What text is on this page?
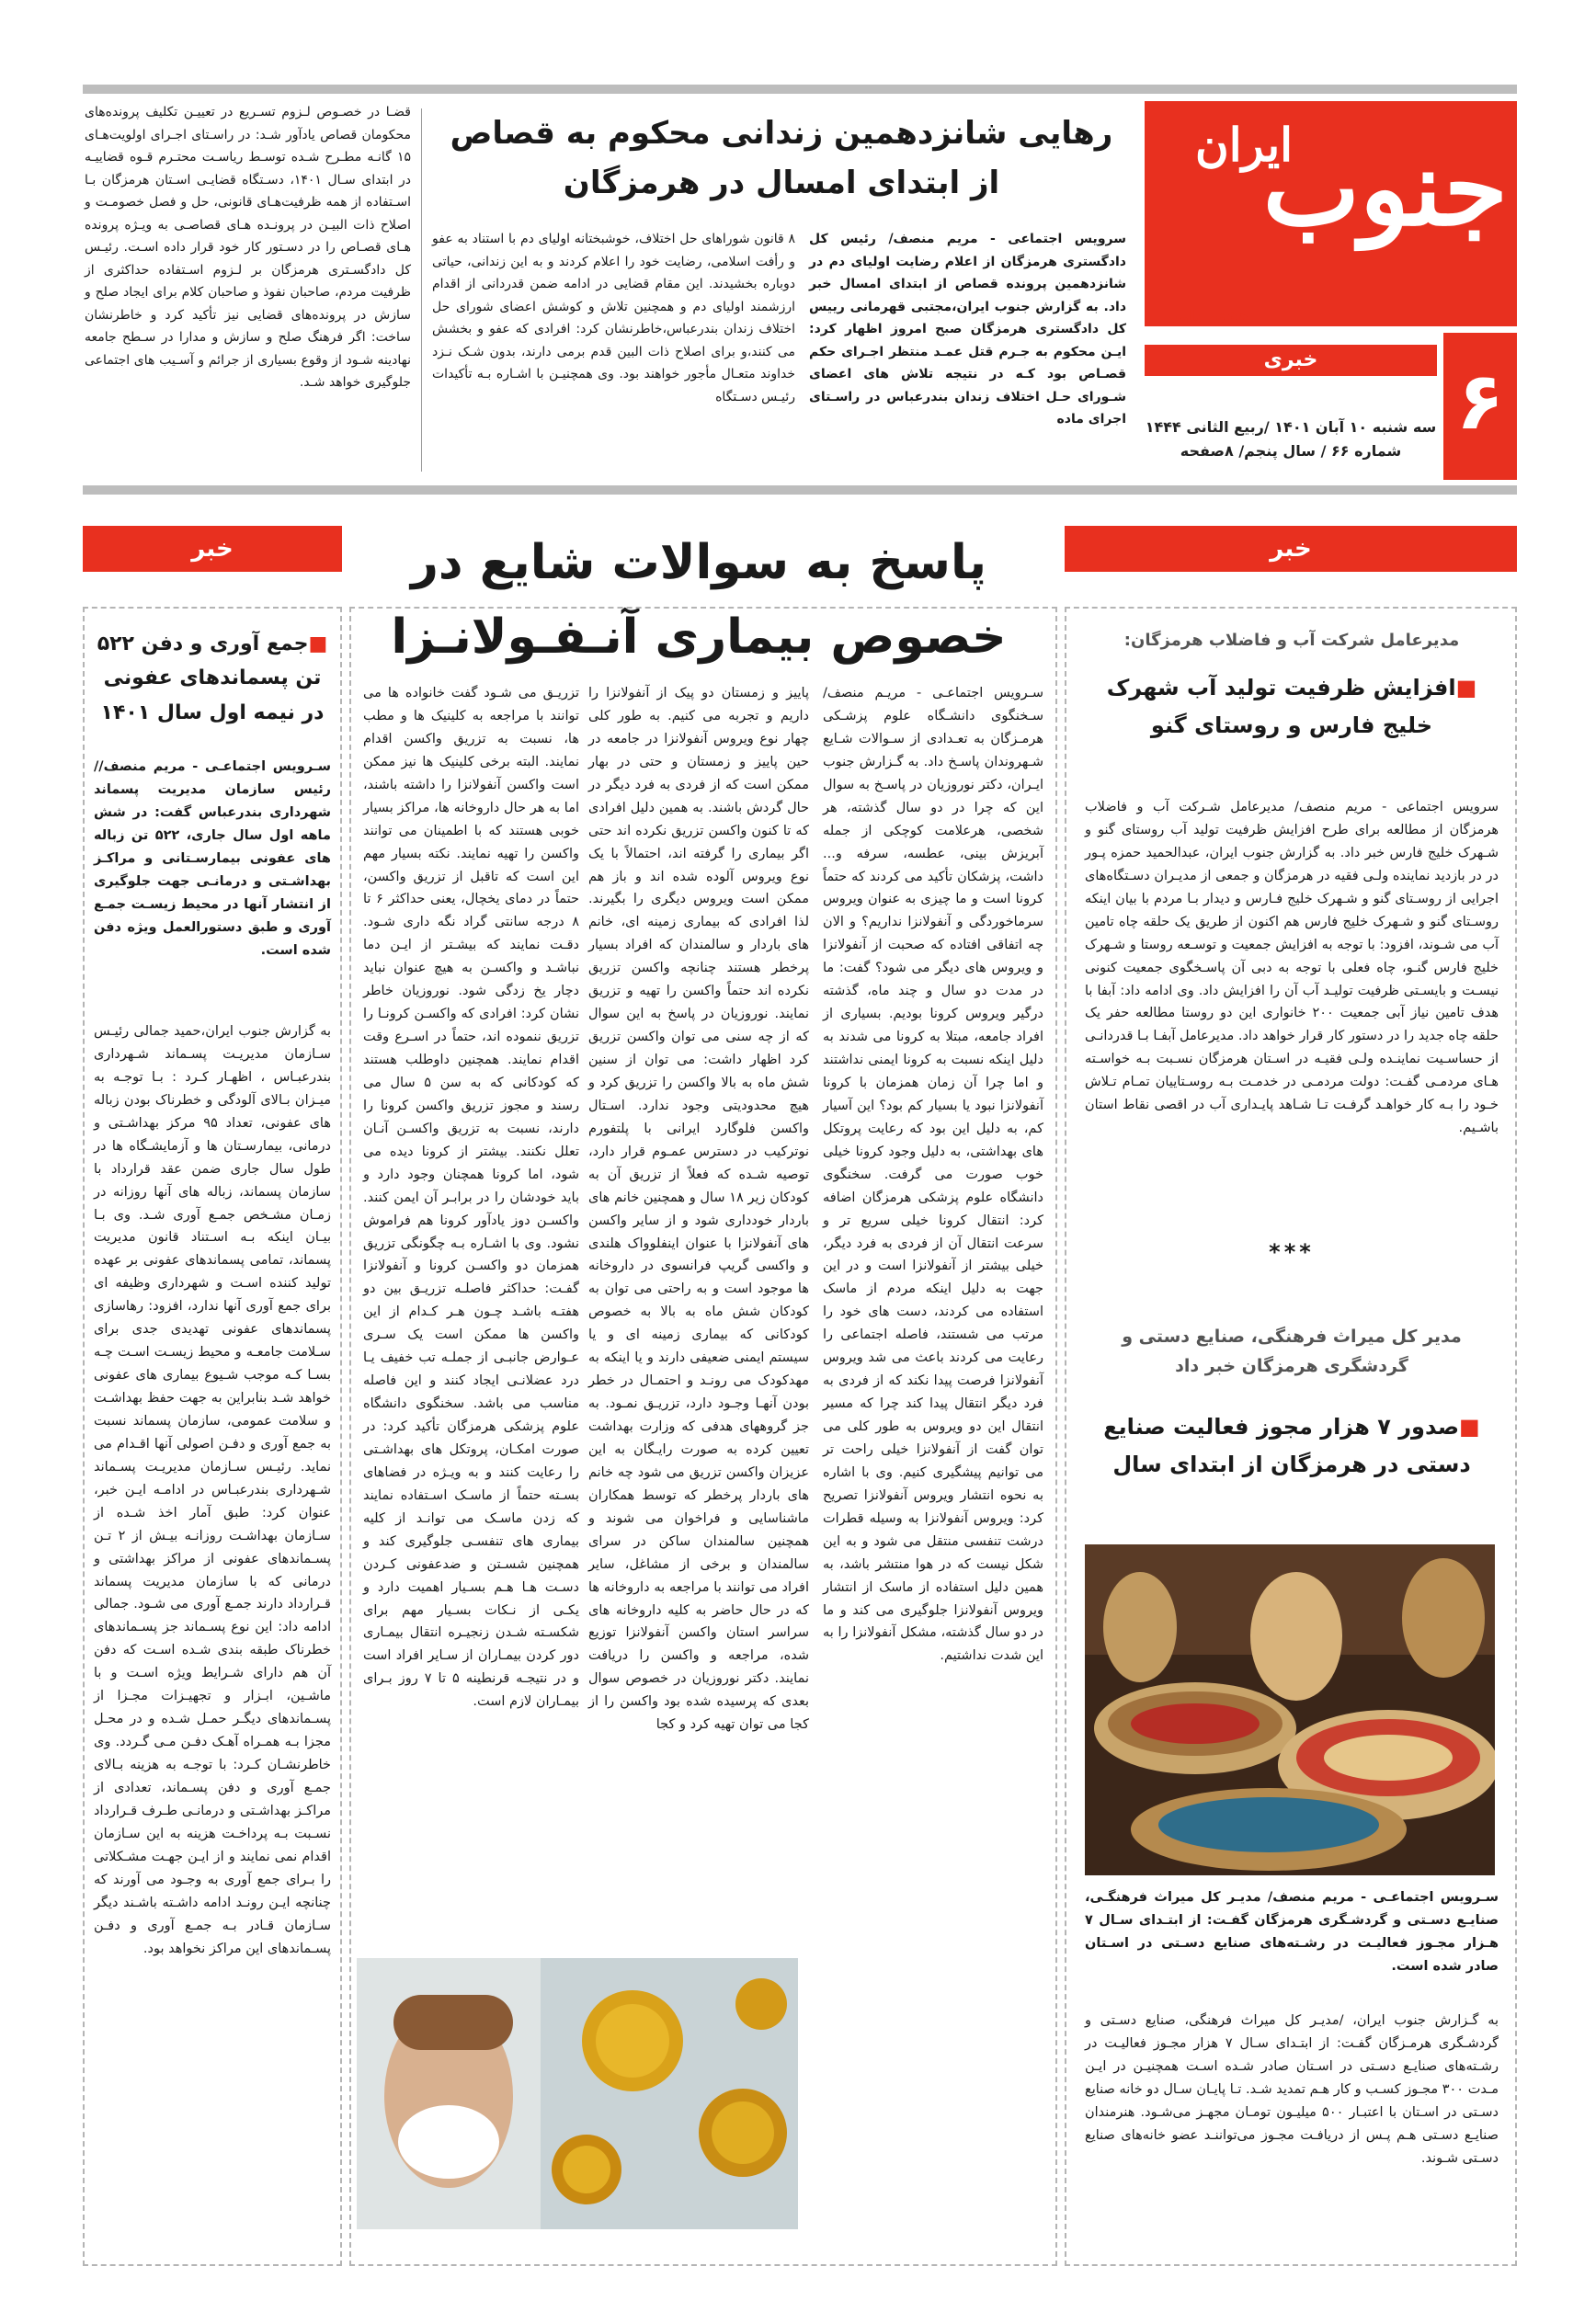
جنوب
ایران
هفته نامه
خبری	۶
سه شنبه ۱۰ آبان ۱۴۰۱ /ربیع الثانی ۱۴۴۴
شماره ۶۶ / سال پنجم/ ۸صفحه
رهایی شانزدهمین زندانی محکوم به قصاص از ابتدای امسال در هرمزگان
سرویس اجتماعی - مریم منصف/ رئیس کل دادگستری هرمزگان از اعلام رضایت اولیای دم در شانزدهمین پرونده قصاص از ابتدای امسال خبر داد. به گزارش جنوب ایران،مجتبی قهرمانی رییس کل دادگستری هرمزگان صبح امروز اظهار کرد: ایـن محکوم به جـرم قتل عمـد منتظر اجـرای حکم قصـاص بود کـه در نتیجه تلاش های اعضای شـورای حـل اختلاف زندان بندرعباس در راسـتای اجرای ماده
۸ قانون شوراهای حل اختلاف، خوشبختانه اولیای دم با استناد به عفو و رأفت اسلامی، رضایت خود را اعلام کردند و به این زندانی، حیاتی دوباره بخشیدند. این مقام قضایی در ادامه ضمن قدردانی از اقدام ارزشمند اولیای دم و همچنین تلاش و کوشش اعضای شورای حل اختلاف زندان بندرعباس،خاطرنشان کرد: افرادی که عفو و بخشش می کنند،و برای اصلاح ذات البین قدم برمی دارند، بدون شـک نـزد خداوند متعـال مأجور خواهند بود. وی همچنیـن با اشـاره بـه تأکیدات رئیـس دسـتگاه
قضـا در خصـوص لـزوم تسـریع در تعییـن تکلیف پرونده‌های محکومان قصاص یادآور شـد: در راسـتای اجـرای اولویت‌هـای ۱۵ گانـه مطـرح شـده توسـط ریاسـت محتـرم قـوه قضاییـه در ابتدای سـال ۱۴۰۱، دسـتگاه قضایـی اسـتان هرمزگان بـا اسـتفاده از همه ظرفیت‌هـای قانونی، حل و فصل خصومـت و اصلاح ذات البیـن در پرونـده هـای قصاصـی به ویـژه پرونده هـای قصـاص را در دسـتور کار خود قرار داده اسـت. رئیـس کل دادگسـتری هرمزگان بر لـزوم اسـتفاده حداکثری از ظرفیت مردم، صاحبان نفوذ و صاحبان کلام برای ایجاد صلح و سازش در پرونده‌های قضایی نیز تأکید کرد و خاطرنشان ساخت: اگر فرهنگ صلح و سازش و مدارا در سـطح جامعه نهادینه شـود از وقوع بسیاری از جرائم و آسـیب های اجتماعی جلوگیری خواهد شـد.
خبر
خبر	پاسخ به سوالات شایع در خصوص بیماری آنـفـولانـزا	مدیرعامل شرکت آب و فاضلاب هرمزگان:
■افزایش ظرفیت تولید آب شهرک خلیج فارس و روستای گنو
سرویس اجتماعی - مریم منصف/ مدیرعامل شـرکت آب و فاضلاب هرمزگان از مطالعه برای طرح افزایش ظرفیت تولید آب روستای گنو و شـهرک خلیج فارس خبر داد. به گزارش جنوب ایران، عبدالحمید حمزه پـور در در بازدید نماینده ولـی فقیه در هرمزگان و جمعی از مدیـران دسـتگاه‌های اجرایی از روسـتای گنو و شـهرک خلیج فـارس و دیدار بـا مردم با بیان اینکه روسـتای گنو و شـهرک خلیج فارس هم اکنون از طریق یک حلقه چاه تامین آب می شـوند، افزود: با توجه به افزایش جمعیت و توسـعه روستا و شـهرک خلیج فارس گنـو، چاه فعلی با توجه به دبی آن پاسـخگوی جمعیت کنونی نیسـت و بایسـتی ظرفیت تولیـد آب آن را افزایش داد. وی ادامه داد: آبفا با هدف تامین نیاز آبی جمعیت ۲۰۰ خانواری این دو روستا مطالعه حفر یک حلقه چاه جدید را در دستور کار قرار خواهد داد. مدیرعامل آبفـا بـا قدردانـی از حساسـیت نماینـده ولـی فقیـه در اسـتان هرمزگان نسـبت بـه خواسـته هـای مردمـی گفـت: دولت مردمـی در خدمـت بـه روسـتاییان تمـام تـلاش خـود را بـه کار خواهـد گرفـت تـا شـاهد پایـداری آب در اقصی نقاط استان باشـیم.
***
مدیر کل میراث فرهنگی، صنایع دستی و گردشگری هرمزگان خبر داد
■صدور ۷ هزار مجوز فعالیت صنایع دستی در هرمزگان از ابتدای سال
سـرویس اجتماعـی - مریم منصف/ مدیـر کل میراث فرهنگـی، صنایـع دسـتی و گردشـگری هرمزگان گفـت: از ابتـدای سـال ۷ هـزار مجـوز فعالیـت در رشـته‌های صنایع دسـتی در اسـتان صادر شده است.
به گـزارش جنوب ایران، /مدیـر کل میراث فرهنگی، صنایع دسـتی و گردشـگری هرمـزگان گفـت: از ابتـدای سـال ۷ هزار مجـوز فعالیـت در رشـته‌های صنایـع دسـتی در اسـتان صادر شـده اسـت همچنیـن در ایـن مـدت ۳۰۰ مجـوز کسـب و کار هـم تمدید شـد. تـا پایـان سـال دو خانه صنایع دسـتی در اسـتان با اعتبـار ۵۰۰ میلیـون تومـان مجهـز می‌شـود. هنرمندان صنایـع دسـتی هـم پـس از دریافـت مجـوز می‌تواننـد عضو خانه‌های صنایع دسـتی شـوند.
سـرویس اجتماعـی - مریـم منصف/ سـخنگوی دانشـگاه علوم پزشـکی هرمـزگان به تعـدادی از سـوالات شـایع شـهروندان پاسـخ داد. به گـزارش جنوب ایـران، دکتر نوروزیان در پاسـخ به سوال این که چرا در دو سال گذشته، هر شخصی، هرعلامت کوچکی از جمله آبریزش بینی، عطسه، سرفه و... داشت، پزشکان تأکید می کردند که حتماً کرونا است و ما چیزی به عنوان ویروس سرماخوردگی و آنفولانزا نداریم؟ و الان چه اتفاقی افتاده که صحبت از آنفولانزا و ویروس های دیگر می شود؟ گفت: ما در مدت دو سال و چند ماه، گذشته درگیر ویروس کرونا بودیم. بسیاری از افراد جامعه، مبتلا به کرونا می شدند به دلیل اینکه نسبت به کرونا ایمنی نداشتند و اما چرا آن زمان همزمان با کرونا آنفولانزا نبود یا بسیار کم بود؟ این آسیار کم، به دلیل این بود که رعایت پروتکل های بهداشتی، به دلیل وجود کرونا خیلی خوب صورت می گرفت. سخنگوی دانشگاه علوم پزشکی هرمزگان اضافه کرد: انتقال کرونا خیلی سریع تر و سرعت انتقال آن از فردی به فرد دیگر، خیلی بیشتر از آنفولانزا است و در این جهت به دلیل اینکه مردم از ماسک استفاده می کردند، دست های خود را مرتب می شستند، فاصله اجتماعی را رعایت می کردند باعث می شد ویروس آنفولانزا فرصت پیدا نکند که از فردی به فرد دیگر انتقال پیدا کند چرا که مسیر انتقال این دو ویروس به طور کلی می توان گفت از آنفولانزا خیلی راحت تر می توانیم پیشگیری کنیم. وی با اشاره به نحوه انتشار ویروس آنفولانزا تصریح کرد: ویروس آنفولانزا به وسیله قطرات درشت تنفسی منتقل می شود و به این شکل نیست که در هوا منتشر باشد، به همین دلیل استفاده از ماسک از انتشار ویروس آنفولانزا جلوگیری می کند و ما در دو سال گذشته، مشکل آنفولانزا را به این شدت نداشتیم.
پاییز و زمستان دو پیک از آنفولانزا را داریم و تجربه می کنیم. به طور کلی چهار نوع ویروس آنفولانزا در جامعه در حین پاییز و زمستان و حتی در بهار ممکن است که از فردی به فرد دیگر در حال گردش باشند. به همین دلیل افرادی که تا کنون واکسن تزریق نکرده اند حتی اگر بیماری را گرفته اند، احتمالاً با یک نوع ویروس آلوده شده اند و باز هم ممکن است ویروس دیگری را بگیرند. لذا افرادی که بیماری زمینه ای، خانم های باردار و سالمندان که افراد بسیار پرخطر هستند چنانچه واکسن تزریق نکرده اند حتماً واکسن را تهیه و تزریق نمایند. نوروزیان در پاسخ به این سوال که از چه سنی می توان واکسن تزریق کرد اظهار داشت: می توان از سنین شش ماه به بالا واکسن را تزریق کرد و هیچ محدودیتی وجود ندارد. اسـتال واکسن فلوگارد ایرانی با پلتفورم نوترکیب در دسترس عمـوم قرار دارد، توصیه شـده که فعلاً از تزریق آن به کودکان زیر ۱۸ سال و همچنین خانم های باردار خودداری شود و از سایر واکسن های آنفولانزا با عنوان اینفلوواک هلندی و واکسی گریپ فرانسوی در داروخانه ها موجود است و به راحتی می توان به کودکان شش ماه به بالا به خصوص کودکانی که بیماری زمینه ای و یا سیستم ایمنی ضعیفی دارند و یا اینکه به مهدکودک می رونـد و احتمـال در خطر بودن آنهـا وجـود دارد، تزریـق نمـود. به جز گروههای هدفی که وزارت بهداشت تعیین کرده به صورت رایـگان به این عزیزان واکسن تزریق می شود چه خانم های باردار پرخطر که توسط همکاران ماشناسایی و فراخوان می شوند و همچنین سالمندان ساکن در سرای سالمندان و برخی از مشاغل، سایر افراد می توانند با مراجعه به داروخانه ها که در حال حاضر به کلیه داروخانه های سراسر استان واکسن آنفولانزا توزیع شده، مراجعه و واکسن را دریافت نمایند. دکتر نوروزیان در خصوص سوال بعدی که پرسیده شده بود واکسن را از کجا می توان تهیه کرد و کجا
تزریـق می شـود گفت خانواده ها می توانند با مراجعه به کلینیک ها و مطب ها، نسبت به تزریق واکسن اقدام نمایند. البته برخی کلینیک ها نیز ممکن است واکسن آنفولانزا را داشته باشند، اما به هر حال داروخانه ها، مراکز بسیار خوبی هستند که با اطمینان می توانند واکسن را تهیه نمایند. نکته بسیار مهم این است که تاقبل از تزریق واکسن، حتماً در دمای یخچال، یعنی حداکثر ۶ تا ۸ درجه سانتی گراد نگه داری شـود. دقـت نمایند که بیشـتر از ایـن دما نباشـد و واکسـن به هیچ عنوان نباید دچار یخ زدگی شود. نوروزیان خاطر نشان کرد: افرادی که واکسـن کرونـا را تزریق ننموده اند، حتماً در اسـرع وقت اقدام نمایند. همچنین داوطلب هستند که کودکانی که به سن ۵ سال می رسند و مجوز تزریق واکسن کرونا را دارند، نسبت به تزریق واکسـن آنـان تعلل نکنند. بیشتر از کرونا دیده می شود، اما کرونا همچنان وجود دارد و باید خودشان را در برابـر آن ایمن کنند. واکسـن دوز یادآور کرونا هم فراموش نشود. وی با اشـاره بـه چگونگی تزریق همزمان دو واکسـن کرونا و آنفولانزا گفـت: حداکثر فاصلـه تزریـق بین دو هفتـه باشـد چـون هـر کـدام از این واکسن ها ممکن است یک سـری عـوارض جانبـی از جملـه تب خفیف یـا درد عضلانـی ایجاد کنند و این فاصله مناسب می باشد. سخنگوی دانشگاه علوم پزشکی هرمزگان تأکید کرد: در صورت امکـان، پروتکل های بهداشـتی را رعایت کنند و به ویـژه در فضاهای بسـته حتماً از ماسـک اسـتفاده نمایند که زدن ماسـک می توانـد از کلیه بیماری های تنفسـی جلوگیری کند و همچنین شسـتن و ضدعفونی کـردن دسـت هـا هـم بسـیار اهمیت دارد و یکـی از نـکات بسـیار مهم برای شکسـته شـدن زنجیـره انتقال بیمـاری دور کردن بیمـاران از سـایر افراد است و در نتیجـه قرنطینه ۵ تا ۷ روز بـرای بیمـاران لازم است.
■جمع آوری و دفن ۵۲۲ تن پسماندهای عفونی در نیمه اول سال ۱۴۰۱
سـرویس اجتماعـی - مریم منصف// رئیس سازمان مدیریت پسماند شهرداری بندرعباس گفت: در شش ماهه اول سال جاری، ۵۲۲ تن زباله های عفونی بیمارسـتانی و مراکـز بهداشـتی و درمانـی جهت جلوگیری از انتشار آنها در محیط زیسـت جمـع آوری و طبق دستورالعمل ویژه دفن شده است.
به گزارش جنوب ایران،حمید جمالی رئیـس سـازمان مدیریـت پسـماند شـهرداری بندرعبـاس ، اظهـار کـرد : بـا توجـه به میـزان بـالای آلودگی و خطرناک بودن زباله های عفونی، تعداد ۹۵ مرکز بهداشـتی و درمانی، بیمارسـتان ها و آزمایشـگاه ها در طول سال جاری ضمن عقد قرارداد با سازمان پسماند، زباله های آنها روزانه در زمـان مشـخص جمـع آوری شـد. وی بـا بیـان اینکه بـه اسـتناد قانون مدیریت پسماند، تمامی پسماندهای عفونی بر عهده تولید کننده اسـت و شهرداری وظیفه ای برای جمع آوری آنها ندارد، افزود: رهاسازی پسماندهای عفونی تهدیدی جدی برای سـلامت جامعـه و محیط زیسـت اسـت چـه بسـا کـه موجب شـیوع بیماری های عفونی خواهد شـد بنابراین به جهت حفظ بهداشـت و سلامت عمومی، سازمان پسماند نسبت به جمع آوری و دفـن اصولی آنها اقـدام می نماید. رئیـس سـازمان مدیریـت پسـماند شـهرداری بندرعبـاس در ادامـه ایـن خبر، عنوان کرد: طبق آمار اخذ شـده از سـازمان بهداشـت روزانـه بیـش از ۲ تـن پسـماندهای عفونی از مراکز بهداشتی و درمانی که با سازمان مدیریت پسماند قـرارداد دارند جمـع آوری می شـود. جمالی ادامه داد: این نوع پسـماند جز پسـماندهای خطرناک طبقه بندی شـده اسـت که دفن آن هم دارای شـرایط ویژه اسـت و با ماشـین، ابـزار و تجهیـزات مجـزا از پسـماندهای دیگـر حمـل شـده و در محـل مجزا بـه همـراه آهـک دفـن مـی گـردد. وی خاطرنشـان کـرد: با توجـه به هزینه بـالای جمـع آوری و دفن پسـماند، تعدادی از مراکـز بهداشـتی و درمانـی طـرف قـرارداد نسـبت بـه پرداخـت هزینه به این سـازمان اقدام نمی نمایند و از ایـن جهـت مشـکلاتی را بـرای جمع آوری به وجـود می آورند که چنانچه ایـن رونـد ادامه داشـته باشـند دیگر سـازمان قـادر بـه جمـع آوری و دفـن پسـماندهای این مراکز نخواهد بود.
